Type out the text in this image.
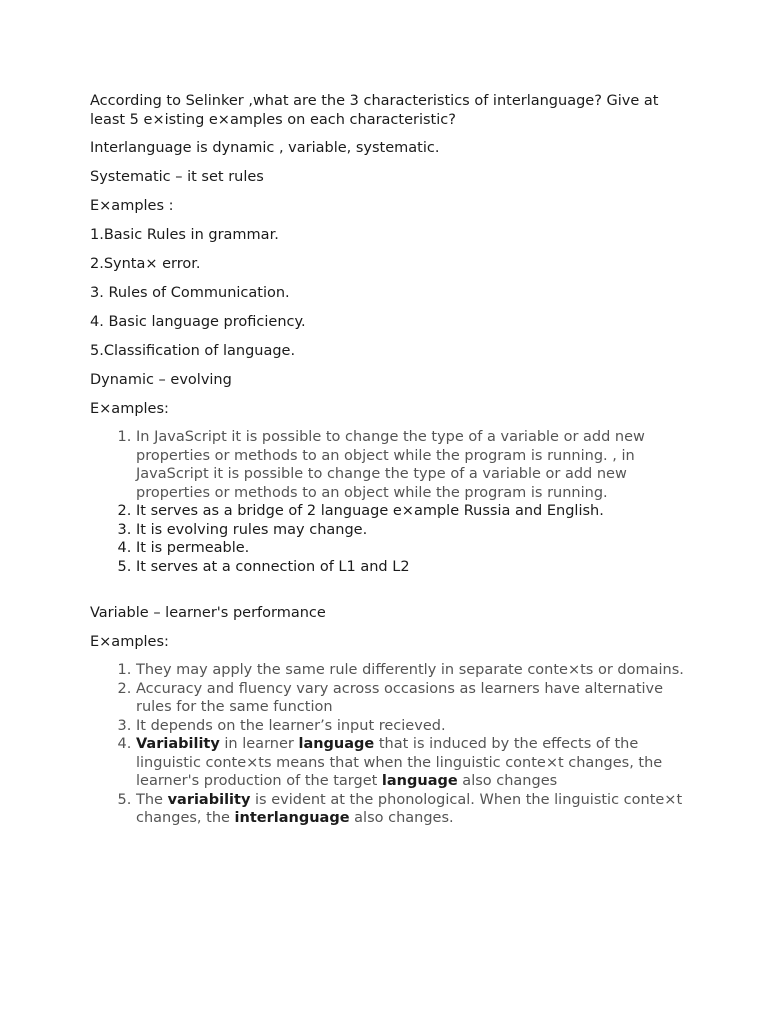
According to Selinker ,what are the 3 characteristics of interlanguage? Give at least 5 e×isting e×amples on each characteristic?

Interlanguage is dynamic , variable, systematic.

Systematic – it set rules

E×amples :

1.Basic Rules in grammar.

2.Synta× error.

3. Rules of Communication.

4. Basic language proficiency.

5.Classification of language.

Dynamic – evolving

E×amples:

1. In JavaScript it is possible to change the type of a variable or add new properties or methods to an object while the program is running. , in JavaScript it is possible to change the type of a variable or add new properties or methods to an object while the program is running.
2. It serves as a bridge of 2 language e×ample Russia and English.
3. It is evolving rules may change.
4. It is permeable.
5. It serves at a connection of L1 and L2

Variable – learner's performance

E×amples:

1. They may apply the same rule differently in separate conte×ts or domains.
2. Accuracy and fluency vary across occasions as learners have alternative rules for the same function
3. It depends on the learner’s input recieved.
4. Variability in learner language that is induced by the effects of the linguistic conte×ts means that when the linguistic conte×t changes, the learner's production of the target language also changes
5. The variability is evident at the phonological. When the linguistic conte×t changes, the interlanguage also changes.
